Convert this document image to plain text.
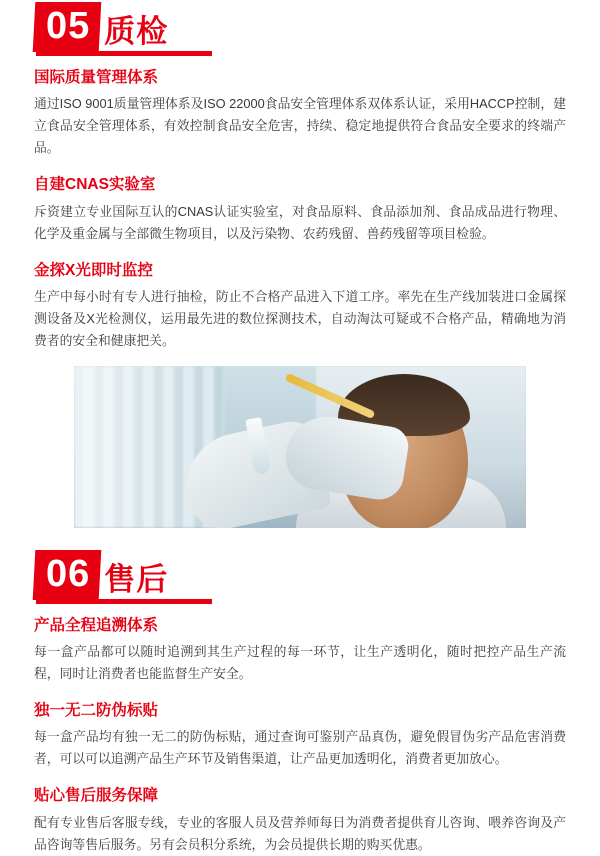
05 质检
国际质量管理体系
通过ISO 9001质量管理体系及ISO 22000食品安全管理体系双体系认证，采用HACCP控制，建立食品安全管理体系，有效控制食品安全危害，持续、稳定地提供符合食品安全要求的终端产品。
自建CNAS实验室
斥资建立专业国际互认的CNAS认证实验室，对食品原料、食品添加剂、食品成品进行物理、化学及重金属与全部微生物项目，以及污染物、农药残留、兽药残留等项目检验。
金探X光即时监控
生产中每小时有专人进行抽检，防止不合格产品进入下道工序。率先在生产线加装进口金属探测设备及X光检测仪，运用最先进的数位探测技术，自动淘汰可疑或不合格产品，精确地为消费者的安全和健康把关。
06 售后
产品全程追溯体系
每一盒产品都可以随时追溯到其生产过程的每一环节，让生产透明化，随时把控产品生产流程，同时让消费者也能监督生产安全。
独一无二防伪标贴
每一盒产品均有独一无二的防伪标贴，通过查询可鉴别产品真伪，避免假冒伪劣产品危害消费者，可以可以追溯产品生产环节及销售渠道，让产品更加透明化，消费者更加放心。
贴心售后服务保障
配有专业售后客服专线，专业的客服人员及营养师每日为消费者提供育儿咨询、喂养咨询及产品咨询等售后服务。另有会员积分系统，为会员提供长期的购买优惠。
